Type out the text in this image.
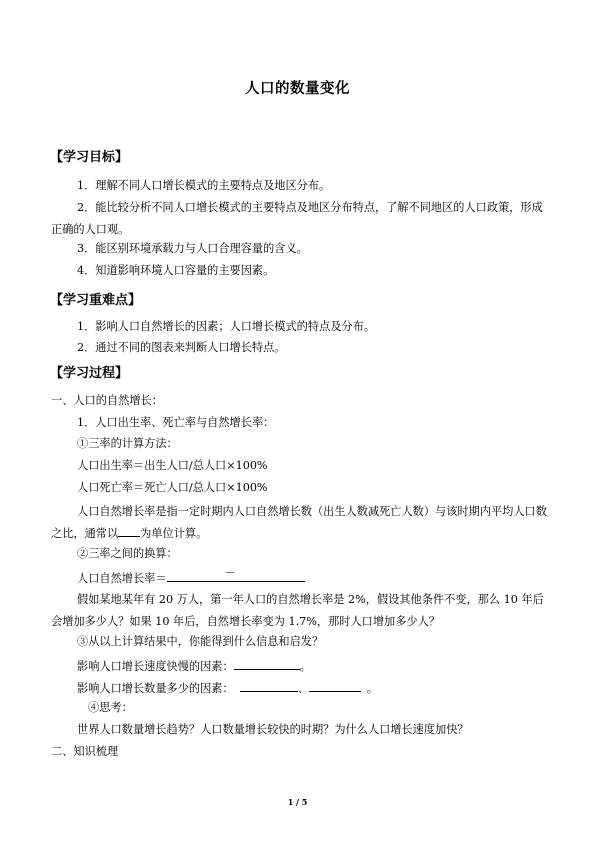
人口的数量变化
【学习目标】
1．理解不同人口增长模式的主要特点及地区分布。
2．能比较分析不同人口增长模式的主要特点及地区分布特点，了解不同地区的人口政策，形成正确的人口观。
3．能区别环境承载力与人口合理容量的含义。
4．知道影响环境人口容量的主要因素。
【学习重难点】
1．影响人口自然增长的因素；人口增长模式的特点及分布。
2．通过不同的图表来判断人口增长特点。
【学习过程】
一、人口的自然增长：
1．人口出生率、死亡率与自然增长率：
①三率的计算方法：
人口出生率＝出生人口/总人口×100%
人口死亡率＝死亡人口/总人口×100%
人口自然增长率是指一定时期内人口自然增长数（出生人数减死亡人数）与该时期内平均人口数之比，通常以 为单位计算。
②三率之间的换算：
人口自然增长率＝	－
假如某地某年有 20 万人，第一年人口的自然增长率是 2%，假设其他条件不变，那么 10 年后会增加多少人？如果 10 年后，自然增长率变为 1.7%，那时人口增加多少人？
③从以上计算结果中，你能得到什么信息和启发？
影响人口增长速度快慢的因素：	。
影响人口增长数量多少的因素：	、	。
④思考：
世界人口数量增长趋势？人口数量增长较快的时期？为什么人口增长速度加快？
二、知识梳理
1 / 5
